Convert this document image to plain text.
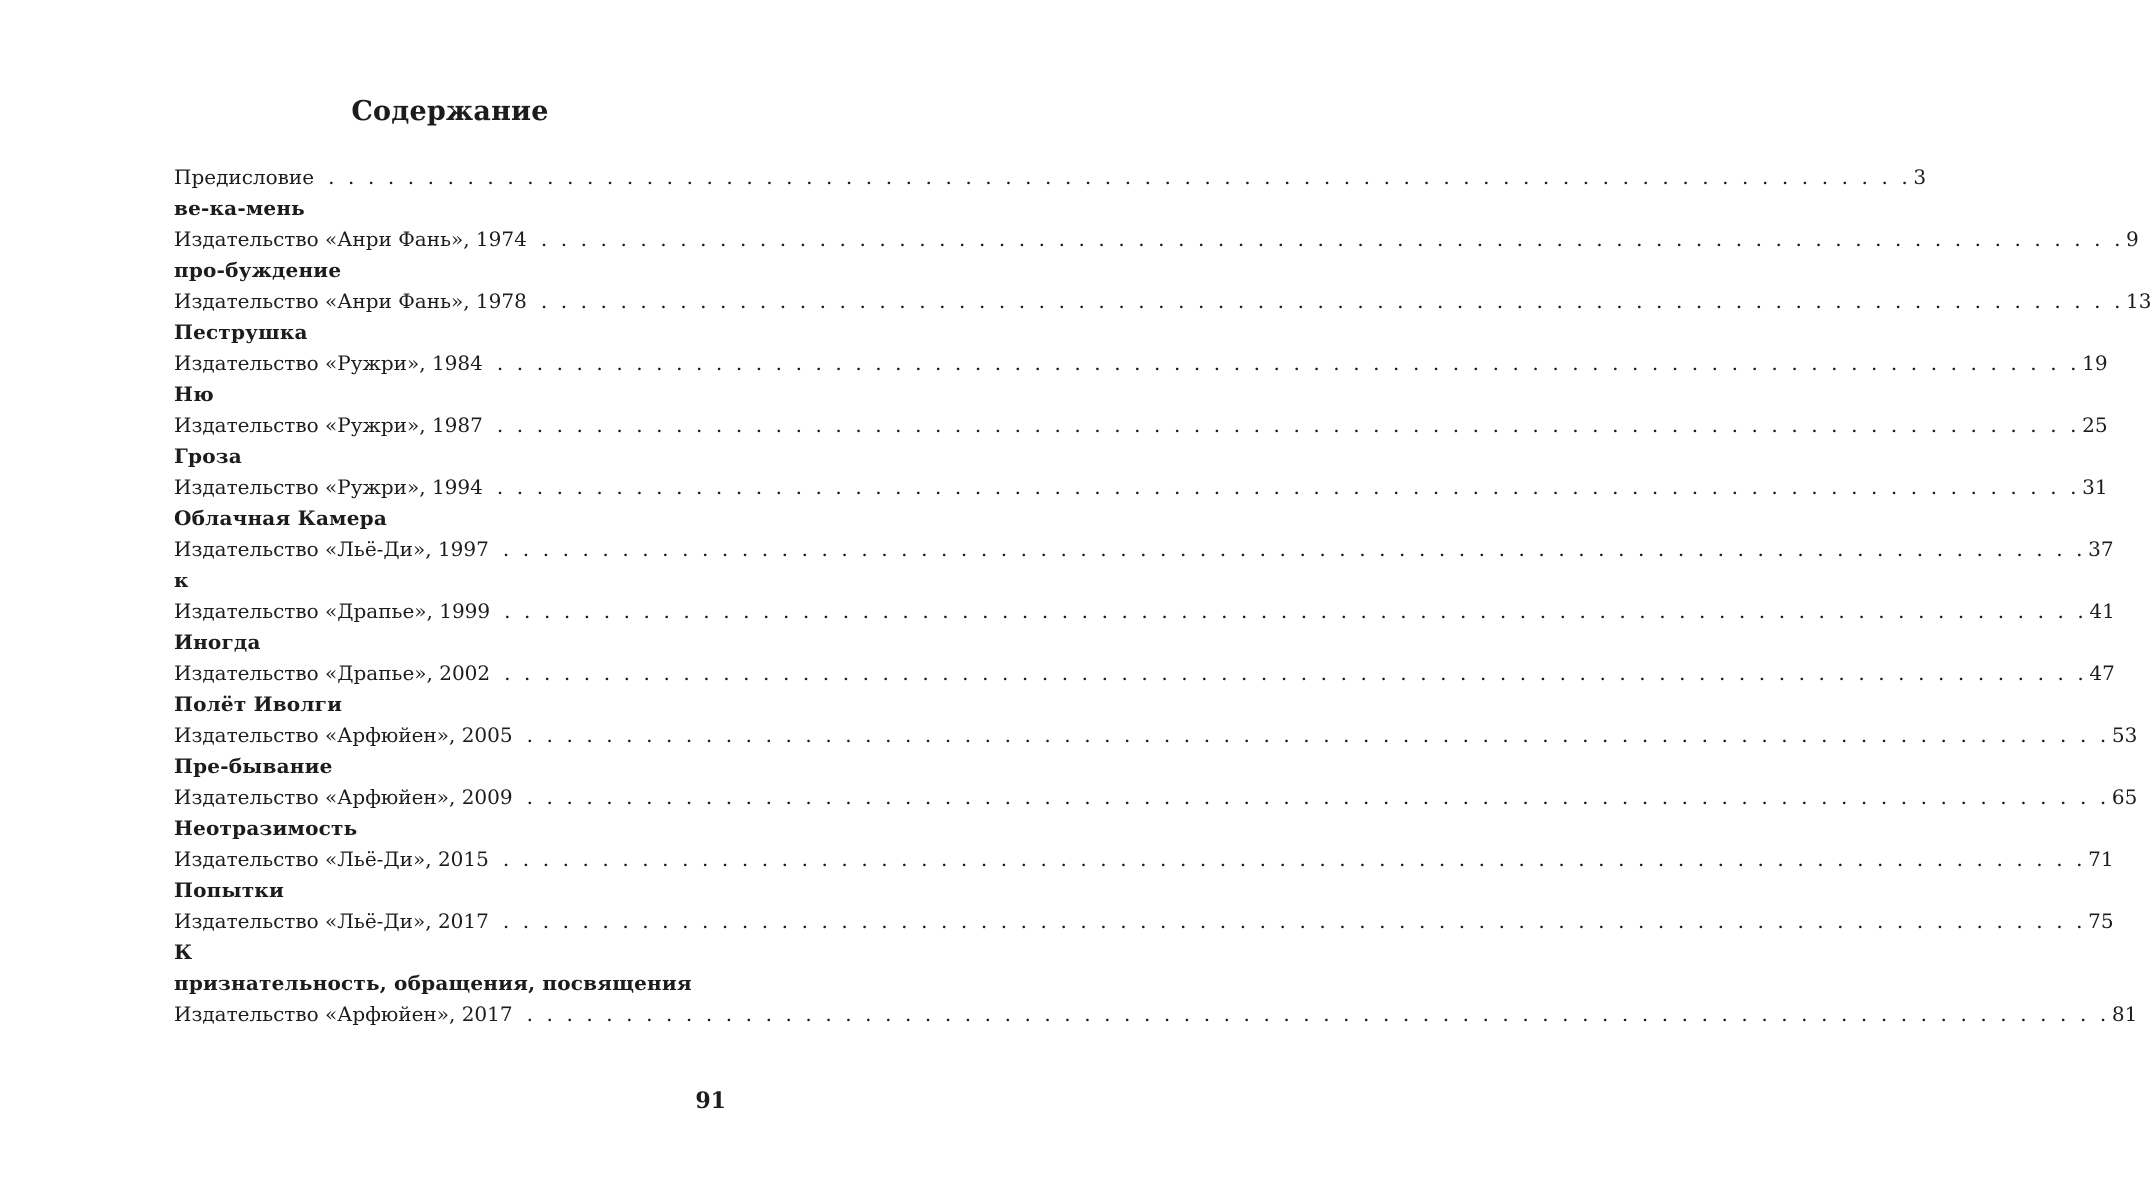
Содержание
Предисловие . . . . . . . . . . . . . . . . . . . . . . . . . . . . . . . . . . . . . . . . . . . . . . . . . . . . . . . . . . . . . . . . . . . . . . . . . . . . . . . . 3
ве-ка-мень
Издательство «Анри Фань», 1974 . . . . . . . . . . . . . . . . . . . . . . . . . . . . . . . . . . . . . . . . . . . . . . . . . . . . . . . . . . . . . . . . . . . . . . . . . . . . . . . . 9
про-буждение
Издательство «Анри Фань», 1978 . . . . . . . . . . . . . . . . . . . . . . . . . . . . . . . . . . . . . . . . . . . . . . . . . . . . . . . . . . . . . . . . . . . . . . . . . . . . . . . . 13
Пеструшка
Издательство «Ружри», 1984 . . . . . . . . . . . . . . . . . . . . . . . . . . . . . . . . . . . . . . . . . . . . . . . . . . . . . . . . . . . . . . . . . . . . . . . . . . . . . . . . 19
Ню
Издательство «Ружри», 1987 . . . . . . . . . . . . . . . . . . . . . . . . . . . . . . . . . . . . . . . . . . . . . . . . . . . . . . . . . . . . . . . . . . . . . . . . . . . . . . . . 25
Гроза
Издательство «Ружри», 1994 . . . . . . . . . . . . . . . . . . . . . . . . . . . . . . . . . . . . . . . . . . . . . . . . . . . . . . . . . . . . . . . . . . . . . . . . . . . . . . . . 31
Облачная Камера
Издательство «Льё-Ди», 1997 . . . . . . . . . . . . . . . . . . . . . . . . . . . . . . . . . . . . . . . . . . . . . . . . . . . . . . . . . . . . . . . . . . . . . . . . . . . . . . . . 37
к
Издательство «Драпье», 1999 . . . . . . . . . . . . . . . . . . . . . . . . . . . . . . . . . . . . . . . . . . . . . . . . . . . . . . . . . . . . . . . . . . . . . . . . . . . . . . . . 41
Иногда
Издательство «Драпье», 2002 . . . . . . . . . . . . . . . . . . . . . . . . . . . . . . . . . . . . . . . . . . . . . . . . . . . . . . . . . . . . . . . . . . . . . . . . . . . . . . . . 47
Полёт Иволги
Издательство «Арфюйен», 2005 . . . . . . . . . . . . . . . . . . . . . . . . . . . . . . . . . . . . . . . . . . . . . . . . . . . . . . . . . . . . . . . . . . . . . . . . . . . . . . . . 53
Пре-бывание
Издательство «Арфюйен», 2009 . . . . . . . . . . . . . . . . . . . . . . . . . . . . . . . . . . . . . . . . . . . . . . . . . . . . . . . . . . . . . . . . . . . . . . . . . . . . . . . . 65
Неотразимость
Издательство «Льё-Ди», 2015 . . . . . . . . . . . . . . . . . . . . . . . . . . . . . . . . . . . . . . . . . . . . . . . . . . . . . . . . . . . . . . . . . . . . . . . . . . . . . . . . 71
Попытки
Издательство «Льё-Ди», 2017 . . . . . . . . . . . . . . . . . . . . . . . . . . . . . . . . . . . . . . . . . . . . . . . . . . . . . . . . . . . . . . . . . . . . . . . . . . . . . . . . 75
К
признательность, обращения, посвящения
Издательство «Арфюйен», 2017 . . . . . . . . . . . . . . . . . . . . . . . . . . . . . . . . . . . . . . . . . . . . . . . . . . . . . . . . . . . . . . . . . . . . . . . . . . . . . . . . 81
91
